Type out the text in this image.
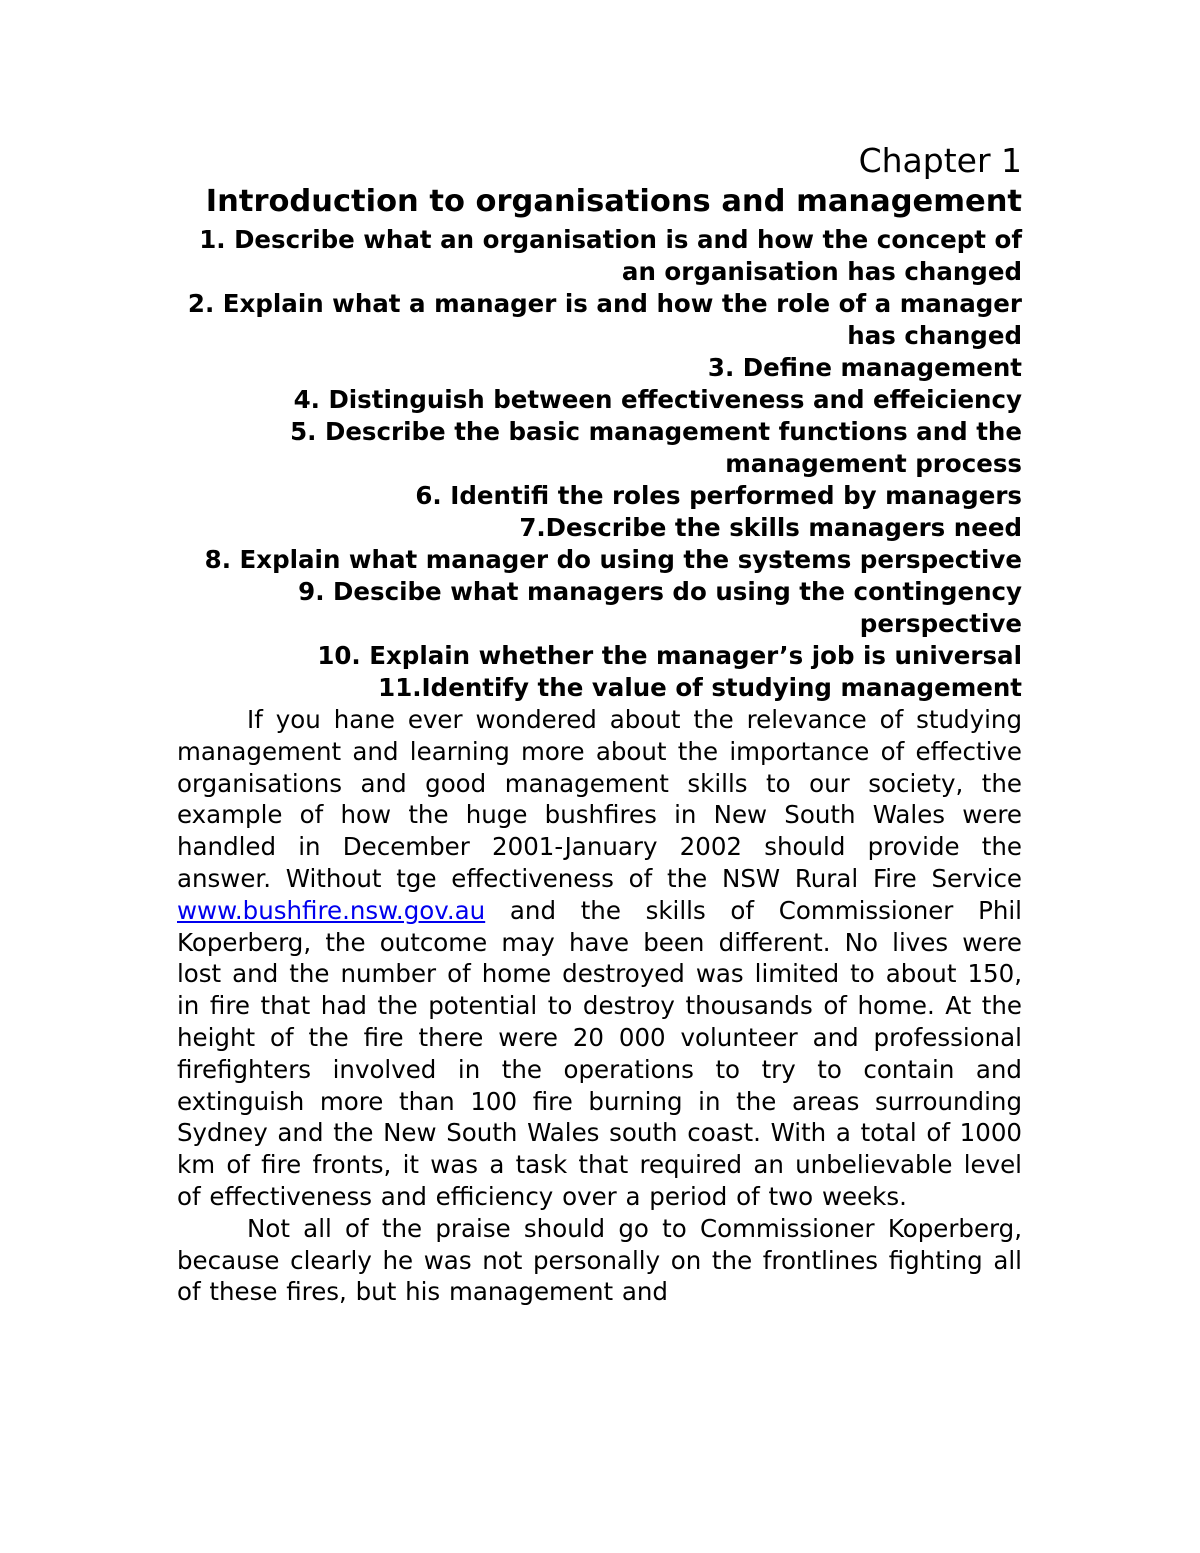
Chapter 1
Introduction to organisations and management
1. Describe what an organisation is and how the concept of an organisation has changed
2. Explain what a manager is and how the role of a manager has changed
3. Define management
4. Distinguish between effectiveness and effeiciency
5. Describe the basic management functions and the management process
6. Identifi the roles performed by managers
7.Describe the skills managers need
8. Explain what manager do using the systems perspective
9. Descibe what managers do using the contingency perspective
10. Explain whether the manager’s job is universal
11.Identify the value of studying management

If you hane ever wondered about the relevance of studying management and learning more about the importance of effective organisations and good management skills to our society, the example of how the huge bushfires in New South Wales were handled in December 2001-January 2002 should provide the answer. Without tge effectiveness of the NSW Rural Fire Service www.bushfire.nsw.gov.au and the skills of Commissioner Phil Koperberg, the outcome may have been different. No lives were lost and the number of home destroyed was limited to about 150, in fire that had the potential to destroy thousands of home. At the height of the fire there were 20 000 volunteer and professional firefighters involved in the operations to try to contain and extinguish more than 100 fire burning in the areas surrounding Sydney and the New South Wales south coast. With a total of 1000 km of fire fronts, it was a task that required an unbelievable level of effectiveness and efficiency over a period of two weeks.

Not all of the praise should go to Commissioner Koperberg, because clearly he was not personally on the frontlines fighting all of these fires, but his management and
